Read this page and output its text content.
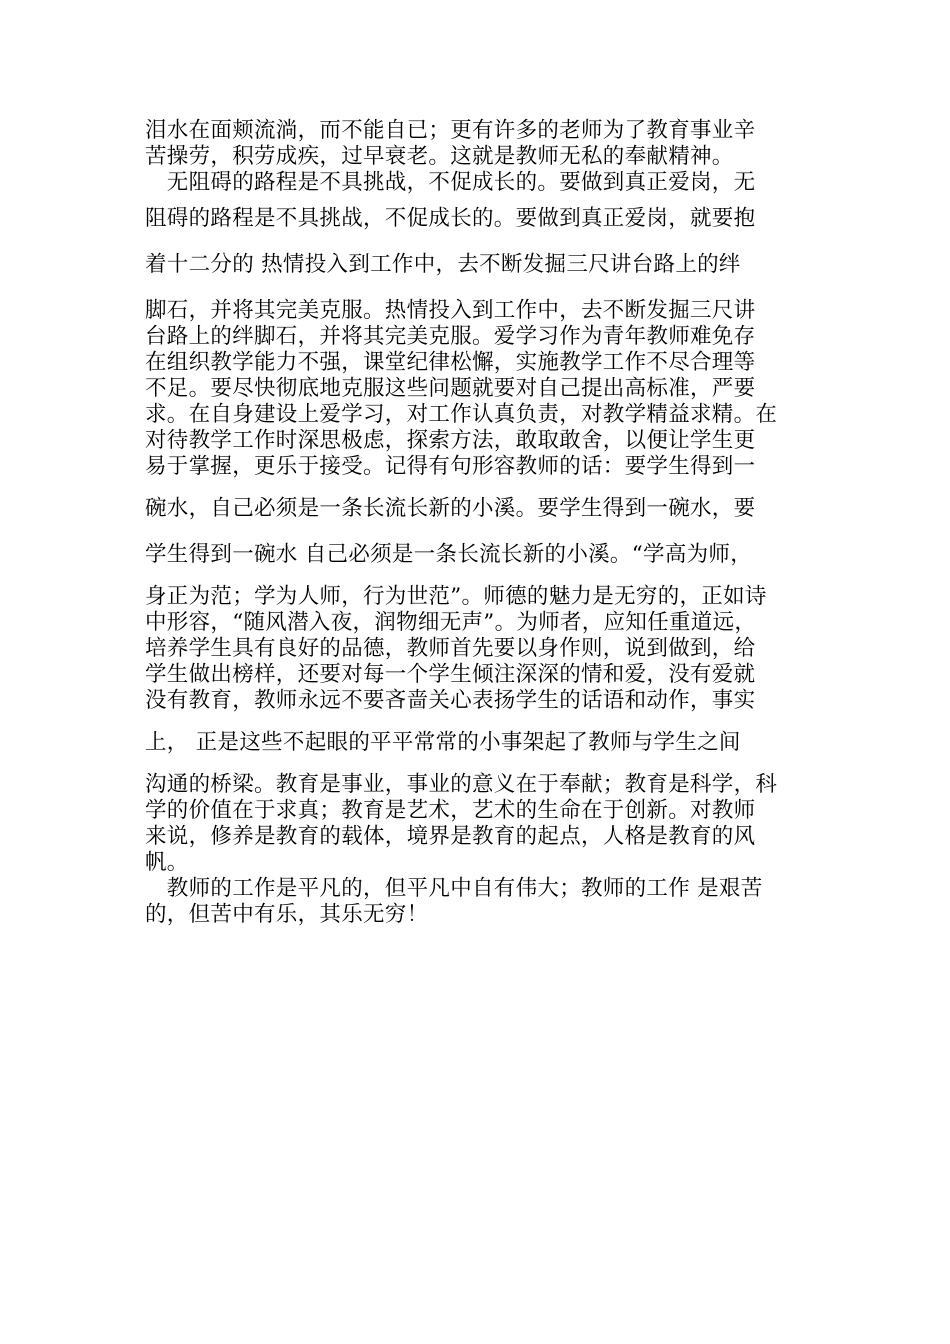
泪水在面颊流淌，而不能自已；更有许多的老师为了教育事业辛
苦操劳，积劳成疾，过早衰老。这就是教师无私的奉献精神。
　无阻碍的路程是不具挑战，不促成长的。要做到真正爱岗，无
阻碍的路程是不具挑战，不促成长的。要做到真正爱岗，就要抱
着十二分的 热情投入到工作中，去不断发掘三尺讲台路上的绊
脚石，并将其完美克服。热情投入到工作中，去不断发掘三尺讲
台路上的绊脚石，并将其完美克服。爱学习作为青年教师难免存
在组织教学能力不强，课堂纪律松懈，实施教学工作不尽合理等
不足。要尽快彻底地克服这些问题就要对自己提出高标准，严要
求。在自身建设上爱学习，对工作认真负责，对教学精益求精。在
对待教学工作时深思极虑，探索方法，敢取敢舍，以便让学生更
易于掌握，更乐于接受。记得有句形容教师的话：要学生得到一
碗水，自己必须是一条长流长新的小溪。要学生得到一碗水，要
学生得到一碗水 自己必须是一条长流长新的小溪。“学高为师，
身正为范；学为人师，行为世范”。师德的魅力是无穷的，正如诗
中形容，“随风潜入夜，润物细无声”。为师者，应知任重道远，
培养学生具有良好的品德，教师首先要以身作则，说到做到，给
学生做出榜样，还要对每一个学生倾注深深的情和爱，没有爱就
没有教育，教师永远不要吝啬关心表扬学生的话语和动作，事实
上， 正是这些不起眼的平平常常的小事架起了教师与学生之间
沟通的桥梁。教育是事业，事业的意义在于奉献；教育是科学，科
学的价值在于求真；教育是艺术，艺术的生命在于创新。对教师
来说，修养是教育的载体，境界是教育的起点，人格是教育的风
帆。
　教师的工作是平凡的，但平凡中自有伟大；教师的工作 是艰苦
的，但苦中有乐，其乐无穷！
